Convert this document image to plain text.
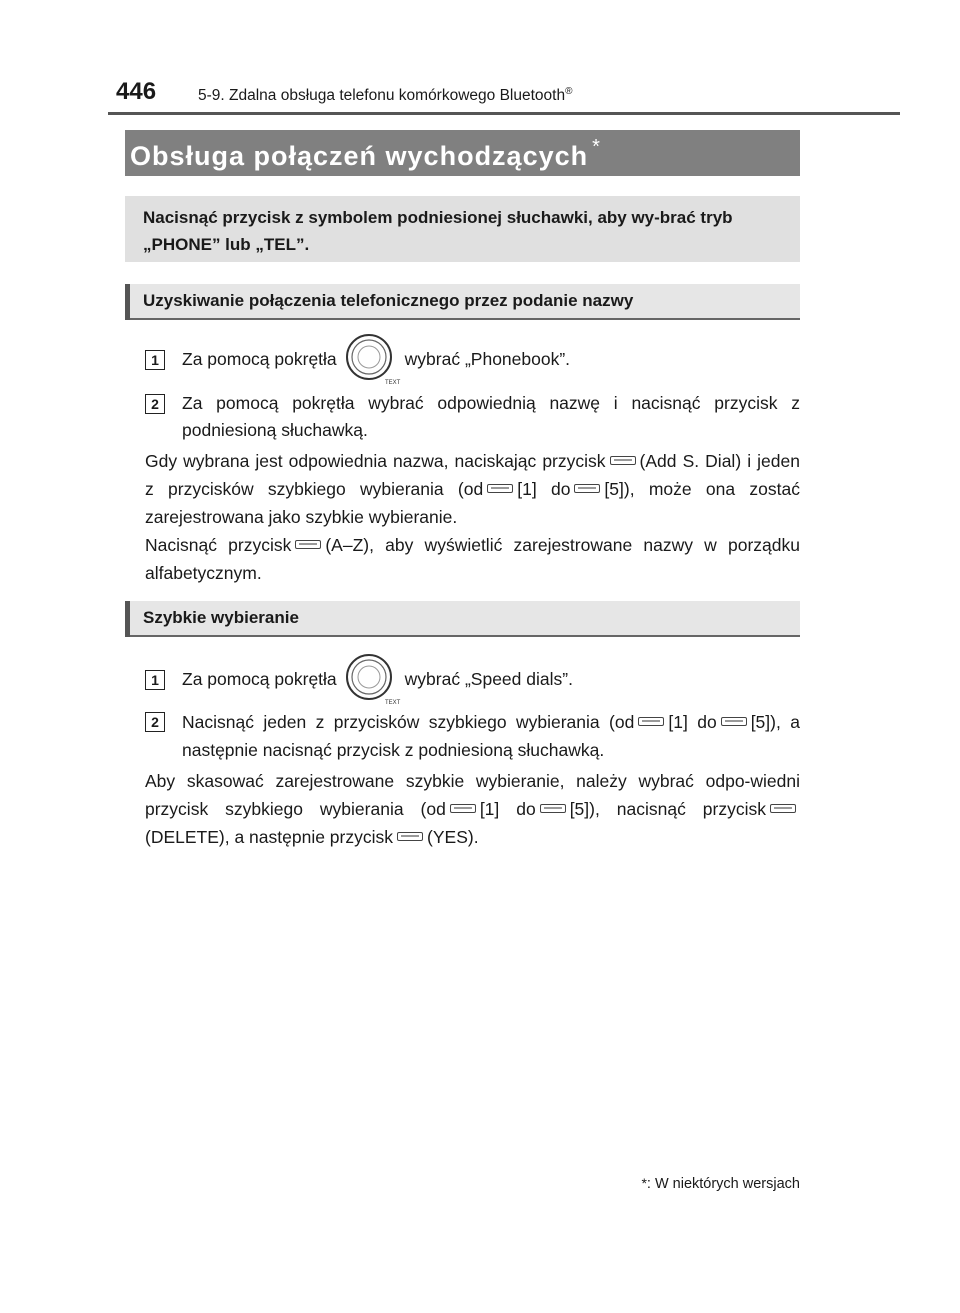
446	5-9. Zdalna obsługa telefonu komórkowego Bluetooth®
Obsługa połączeń wychodzących *

Nacisnąć przycisk z symbolem podniesionej słuchawki, aby wy-brać tryb „PHONE” lub „TEL”.

Uzyskiwanie połączenia telefonicznego przez podanie nazwy
1	Za pomocą pokrętła
TEXT
wybrać „Phonebook”.
2	Za pomocą pokrętła wybrać odpowiednią nazwę i nacisnąć przycisk z podniesioną słuchawką.

Gdy wybrana jest odpowiednia nazwa, naciskając przycisk (Add S. Dial) i jeden z przycisków szybkiego wybierania (od [1] do [5]), może ona zostać zarejestrowana jako szybkie wybieranie.

Nacisnąć przycisk (A–Z), aby wyświetlić zarejestrowane nazwy w porządku alfabetycznym.

Szybkie wybieranie
1	Za pomocą pokrętła
TEXT
wybrać „Speed dials”.
2	Nacisnąć jeden z przycisków szybkiego wybierania (od [1] do [5]), a następnie nacisnąć przycisk z podniesioną słuchawką.

Aby skasować zarejestrowane szybkie wybieranie, należy wybrać odpo-wiedni przycisk szybkiego wybierania (od [1] do [5]), nacisnąć przycisk(DELETE), a następnie przycisk (YES).

*: W niektórych wersjach
